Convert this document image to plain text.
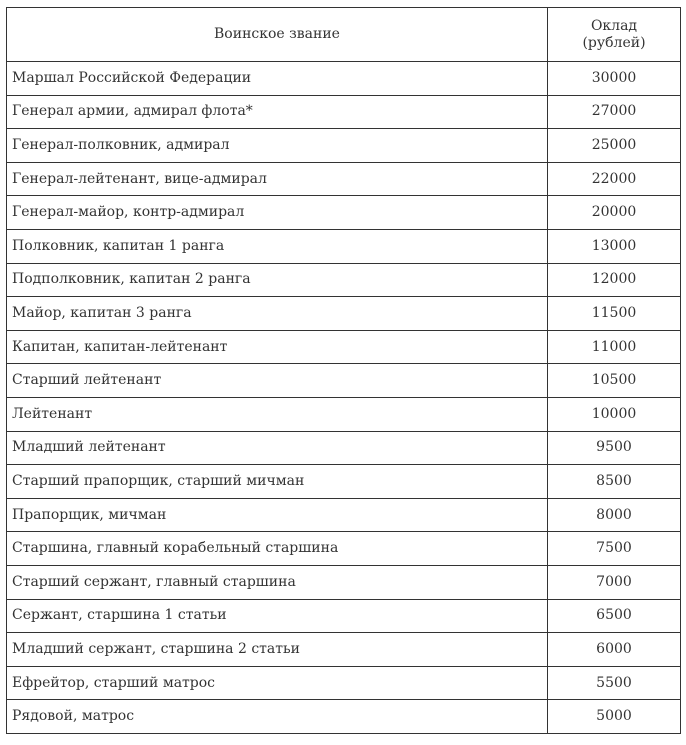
Воинское звание	Оклад
(рублей)
Маршал Российской Федерации	30000
Генерал армии, адмирал флота*	27000
Генерал-полковник, адмирал	25000
Генерал-лейтенант, вице-адмирал	22000
Генерал-майор, контр-адмирал	20000
Полковник, капитан 1 ранга	13000
Подполковник, капитан 2 ранга	12000
Майор, капитан 3 ранга	11500
Капитан, капитан-лейтенант	11000
Старший лейтенант	10500
Лейтенант	10000
Младший лейтенант	9500
Старший прапорщик, старший мичман	8500
Прапорщик, мичман	8000
Старшина, главный корабельный старшина	7500
Старший сержант, главный старшина	7000
Сержант, старшина 1 статьи	6500
Младший сержант, старшина 2 статьи	6000
Ефрейтор, старший матрос	5500
Рядовой, матрос	5000
